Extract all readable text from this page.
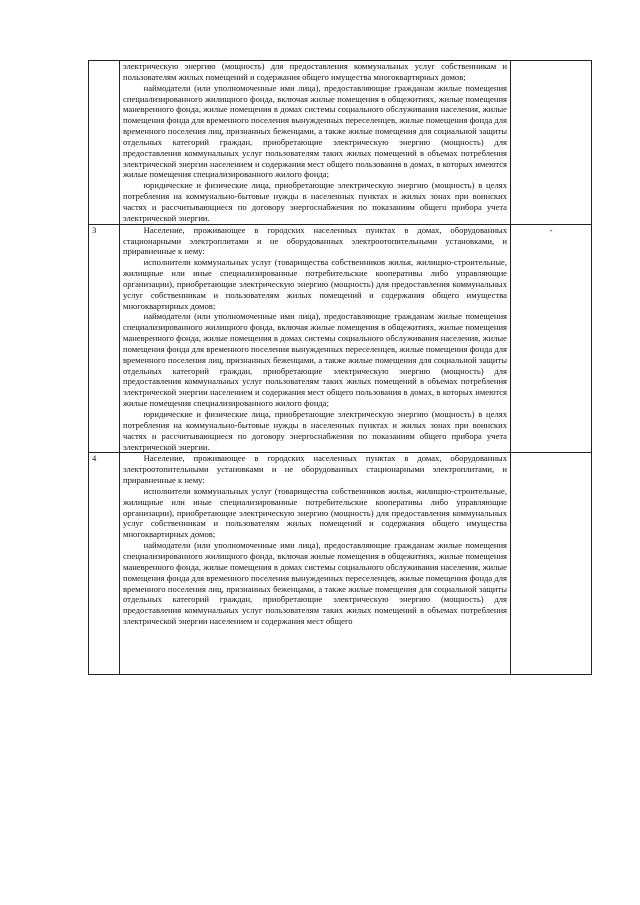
	электрическую энергию (мощность) для предоставления коммунальных услуг собственникам и пользователям жилых помещений и содержания общего имущества многоквартирных домов;
наймодатели (или уполномоченные ими лица), предоставляющие гражданам жилые помещения специализированного жилищного фонда, включая жилые помещения в общежитиях, жилые помещения маневренного фонда, жилые помещения в домах системы социального обслуживания населения, жилые помещения фонда для временного поселения вынужденных переселенцев, жилые помещения фонда для временного поселения лиц, признанных беженцами, а также жилые помещения для социальной защиты отдельных категорий граждан, приобретающие электрическую энергию (мощность) для предоставления коммунальных услуг пользователям таких жилых помещений в объемах потребления электрической энергии населением и содержания мест общего пользования в домах, в которых имеются жилые помещения специализированного жилого фонда;
юридические и физические лица, приобретающие электрическую энергию (мощность) в целях потребления на коммунально-бытовые нужды в населенных пунктах и жилых зонах при воинских частях и рассчитывающиеся по договору энергоснабжения по показаниям общего прибора учета электрической энергии.	

3	Население, проживающее в городских населенных пунктах в домах, оборудованных стационарными электроплитами и не оборудованных электроотопительными установками, и приравненные к нему:
исполнители коммунальных услуг (товарищества собственников жилья, жилищно-строительные, жилищные или иные специализированные потребительские кооперативы либо управляющие организации), приобретающие электрическую энергию (мощность) для предоставления коммунальных услуг собственникам и пользователям жилых помещений и содержания общего имущества многоквартирных домов;
наймодатели (или уполномоченные ими лица), предоставляющие гражданам жилые помещения специализированного жилищного фонда, включая жилые помещения в общежитиях, жилые помещения маневренного фонда, жилые помещения в домах системы социального обслуживания населения, жилые помещения фонда для временного поселения вынужденных переселенцев, жилые помещения фонда для временного поселения лиц, признанных беженцами, а также жилые помещения для социальной защиты отдельных категорий граждан, приобретающие электрическую энергию (мощность) для предоставления коммунальных услуг пользователям таких жилых помещений в объемах потребления электрической энергии населением и содержания мест общего пользования в домах, в которых имеются жилые помещения специализированного жилого фонда;
юридические и физические лица, приобретающие электрическую энергию (мощность) в целях потребления на коммунально-бытовые нужды в населенных пунктах и жилых зонах при воинских частях и рассчитывающиеся по договору энергоснабжения по показаниям общего прибора учета электрической энергии.	-
4	Население, проживающее в городских населенных пунктах в домах, оборудованных электроотопительными установками и не оборудованных стационарными электроплитами, и приравненные к нему:
исполнители коммунальных услуг (товарищества собственников жилья, жилищно-строительные, жилищные или иные специализированные потребительские кооперативы либо управляющие организации), приобретающие электрическую энергию (мощность) для предоставления коммунальных услуг собственникам и пользователям жилых помещений и содержания общего имущества многоквартирных домов;
наймодатели (или уполномоченные ими лица), предоставляющие гражданам жилые помещения специализированного жилищного фонда, включая жилые помещения в общежитиях, жилые помещения маневренного фонда, жилые помещения в домах системы социального обслуживания населения, жилые помещения фонда для временного поселения вынужденных переселенцев, жилые помещения фонда для временного поселения лиц, признанных беженцами, а также жилые помещения для социальной защиты отдельных категорий граждан, приобретающие электрическую энергию (мощность) для предоставления коммунальных услуг пользователям таких жилых помещений в объемах потребления электрической энергии населением и содержания мест общего	
